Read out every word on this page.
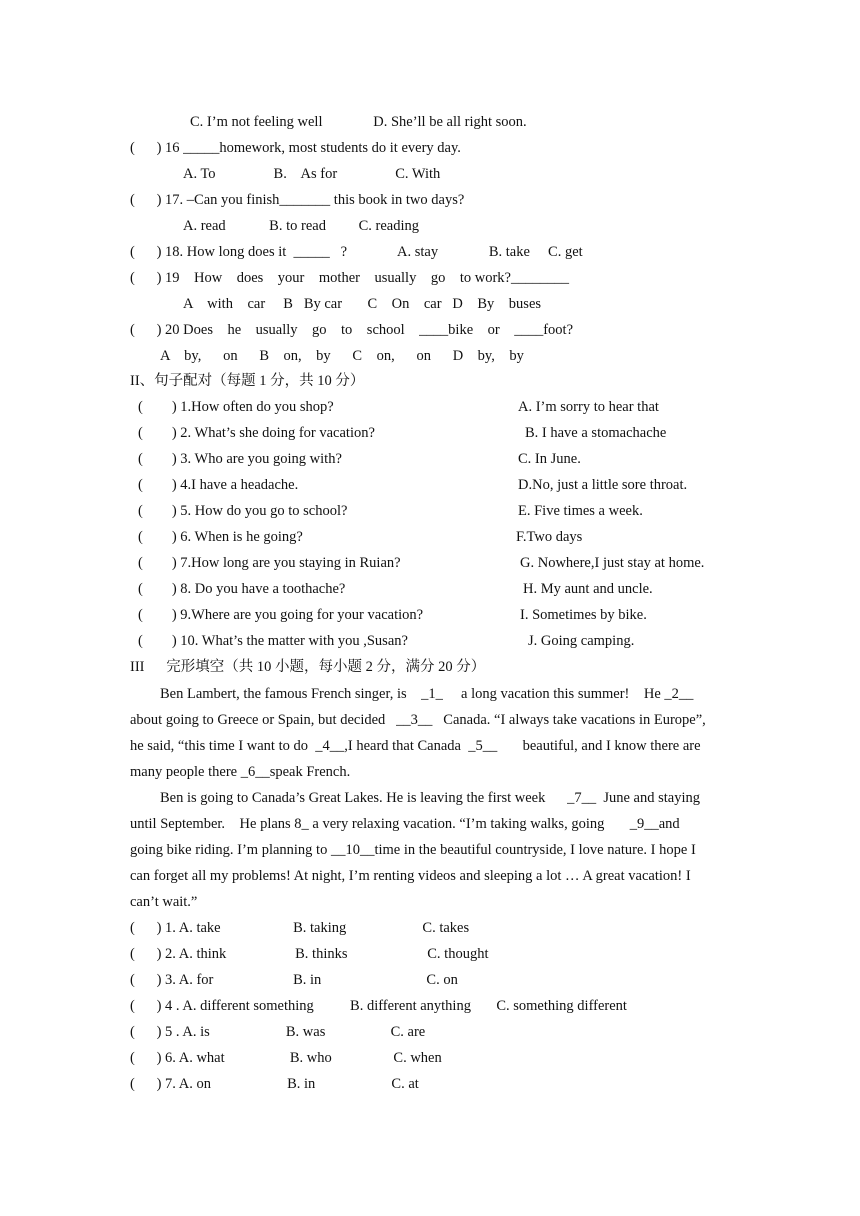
C. I’m not feeling well              D. She’ll be all right soon.
(      ) 16 _____homework, most students do it every day.
A. To                B.    As for                C. With
(      ) 17. –Can you finish_______ this book in two days?
A. read            B. to read         C. reading
(      ) 18. How long does it  _____   ?              A. stay              B. take     C. get
(      ) 19    How    does    your    mother    usually    go    to work?________
A    with    car     B   By car       C    On    car   D    By    buses
(      ) 20 Does    he    usually    go    to    school    ____bike    or    ____foot?
A    by,      on      B    on,    by      C    on,      on      D    by,    by
II、句子配对（每题 1 分，共 10 分）
(        ) 1.How often do you shop?
(        ) 2. What’s she doing for vacation?
(        ) 3. Who are you going with?
(        ) 4.I have a headache.
(        ) 5. How do you go to school?
(        ) 6. When is he going?
(        ) 7.How long are you staying in Ruian?
(        ) 8. Do you have a toothache?
(        ) 9.Where are you going for your vacation?
(        ) 10. What’s the matter with you ,Susan?
A. I’m sorry to hear that
B. I have a stomachache
C. In June.
D.No, just a little sore throat.
E. Five times a week.
F.Two days
G. Nowhere,I just stay at home.
H. My aunt and uncle.
I. Sometimes by bike.
J. Going camping.
III      完形填空（共 10 小题，每小题 2 分，满分 20 分）
Ben Lambert, the famous French singer, is    _1_     a long vacation this summer!    He _2__
about going to Greece or Spain, but decided   __3__   Canada. “I always take vacations in Europe”,
he said, “this time I want to do  _4__,I heard that Canada  _5__       beautiful, and I know there are
many people there _6__speak French.
Ben is going to Canada’s Great Lakes. He is leaving the first week      _7__  June and staying
until September.    He plans 8_ a very relaxing vacation. “I’m taking walks, going       _9__and
going bike riding. I’m planning to __10__time in the beautiful countryside, I love nature. I hope I
can forget all my problems! At night, I’m renting videos and sleeping a lot … A great vacation! I
can’t wait.”
(      ) 1. A. take                    B. taking                     C. takes
(      ) 2. A. think                   B. thinks                      C. thought
(      ) 3. A. for                      B. in                             C. on
(      ) 4 . A. different something          B. different anything       C. something different
(      ) 5 . A. is                     B. was                  C. are
(      ) 6. A. what                  B. who                 C. when
(      ) 7. A. on                     B. in                     C. at
